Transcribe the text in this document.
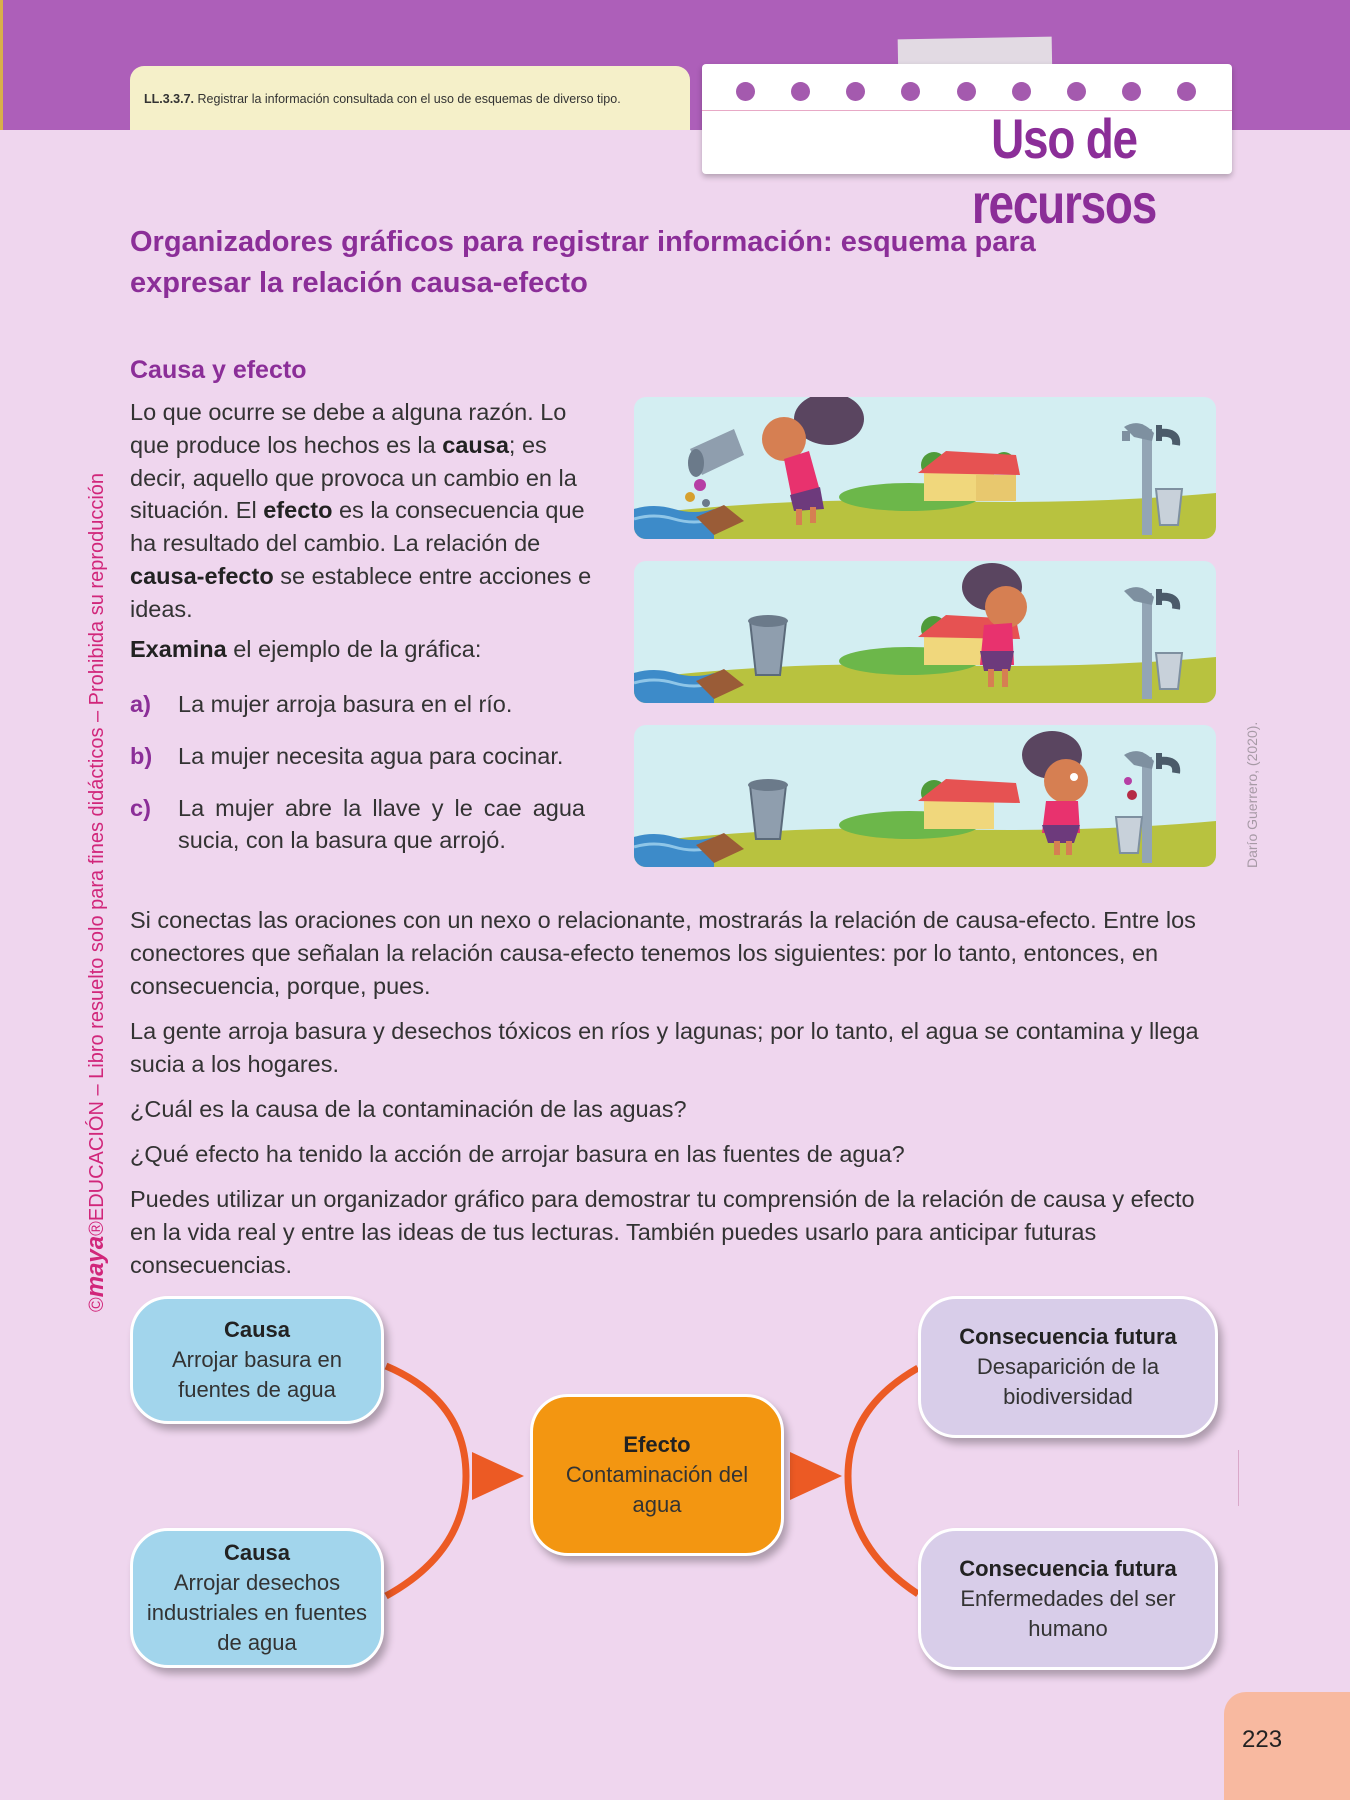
LL.3.3.7. Registrar la información consultada con el uso de esquemas de diverso tipo.
Uso de recursos
©maya®EDUCACIÓN – Libro resuelto solo para fines didácticos – Prohibida su reproducción
Organizadores gráficos para registrar información: esquema para expresar la relación causa-efecto
Causa y efecto

Lo que ocurre se debe a alguna razón. Lo que produce los hechos es la causa; es decir, aquello que provoca un cambio en la situación. El efecto es la consecuencia que ha resultado del cambio. La relación de causa-efecto se establece entre acciones e ideas.

Examina el ejemplo de la gráfica:

a) La mujer arroja basura en el río.
b) La mujer necesita agua para cocinar.
c) La mujer abre la llave y le cae agua sucia, con la basura que arrojó.	Darío Guerrero, (2020).

Si conectas las oraciones con un nexo o relacionante, mostrarás la relación de causa-efecto. Entre los conectores que señalan la relación causa-efecto tenemos los siguientes: por lo tanto, entonces, en consecuencia, porque, pues.

La gente arroja basura y desechos tóxicos en ríos y lagunas; por lo tanto, el agua se contamina y llega sucia a los hogares.

¿Cuál es la causa de la contaminación de las aguas?

¿Qué efecto ha tenido la acción de arrojar basura en las fuentes de agua?

Puedes utilizar un organizador gráfico para demostrar tu comprensión de la relación de causa y efecto en la vida real y entre las ideas de tus lecturas. También puedes usarlo para anticipar futuras consecuencias.

Causa
Arrojar basura en fuentes de agua
Causa
Arrojar desechos industriales en fuentes de agua
Efecto
Contaminación del agua
Consecuencia futura
Desaparición de la biodiversidad
Consecuencia futura
Enfermedades del ser humano
223
